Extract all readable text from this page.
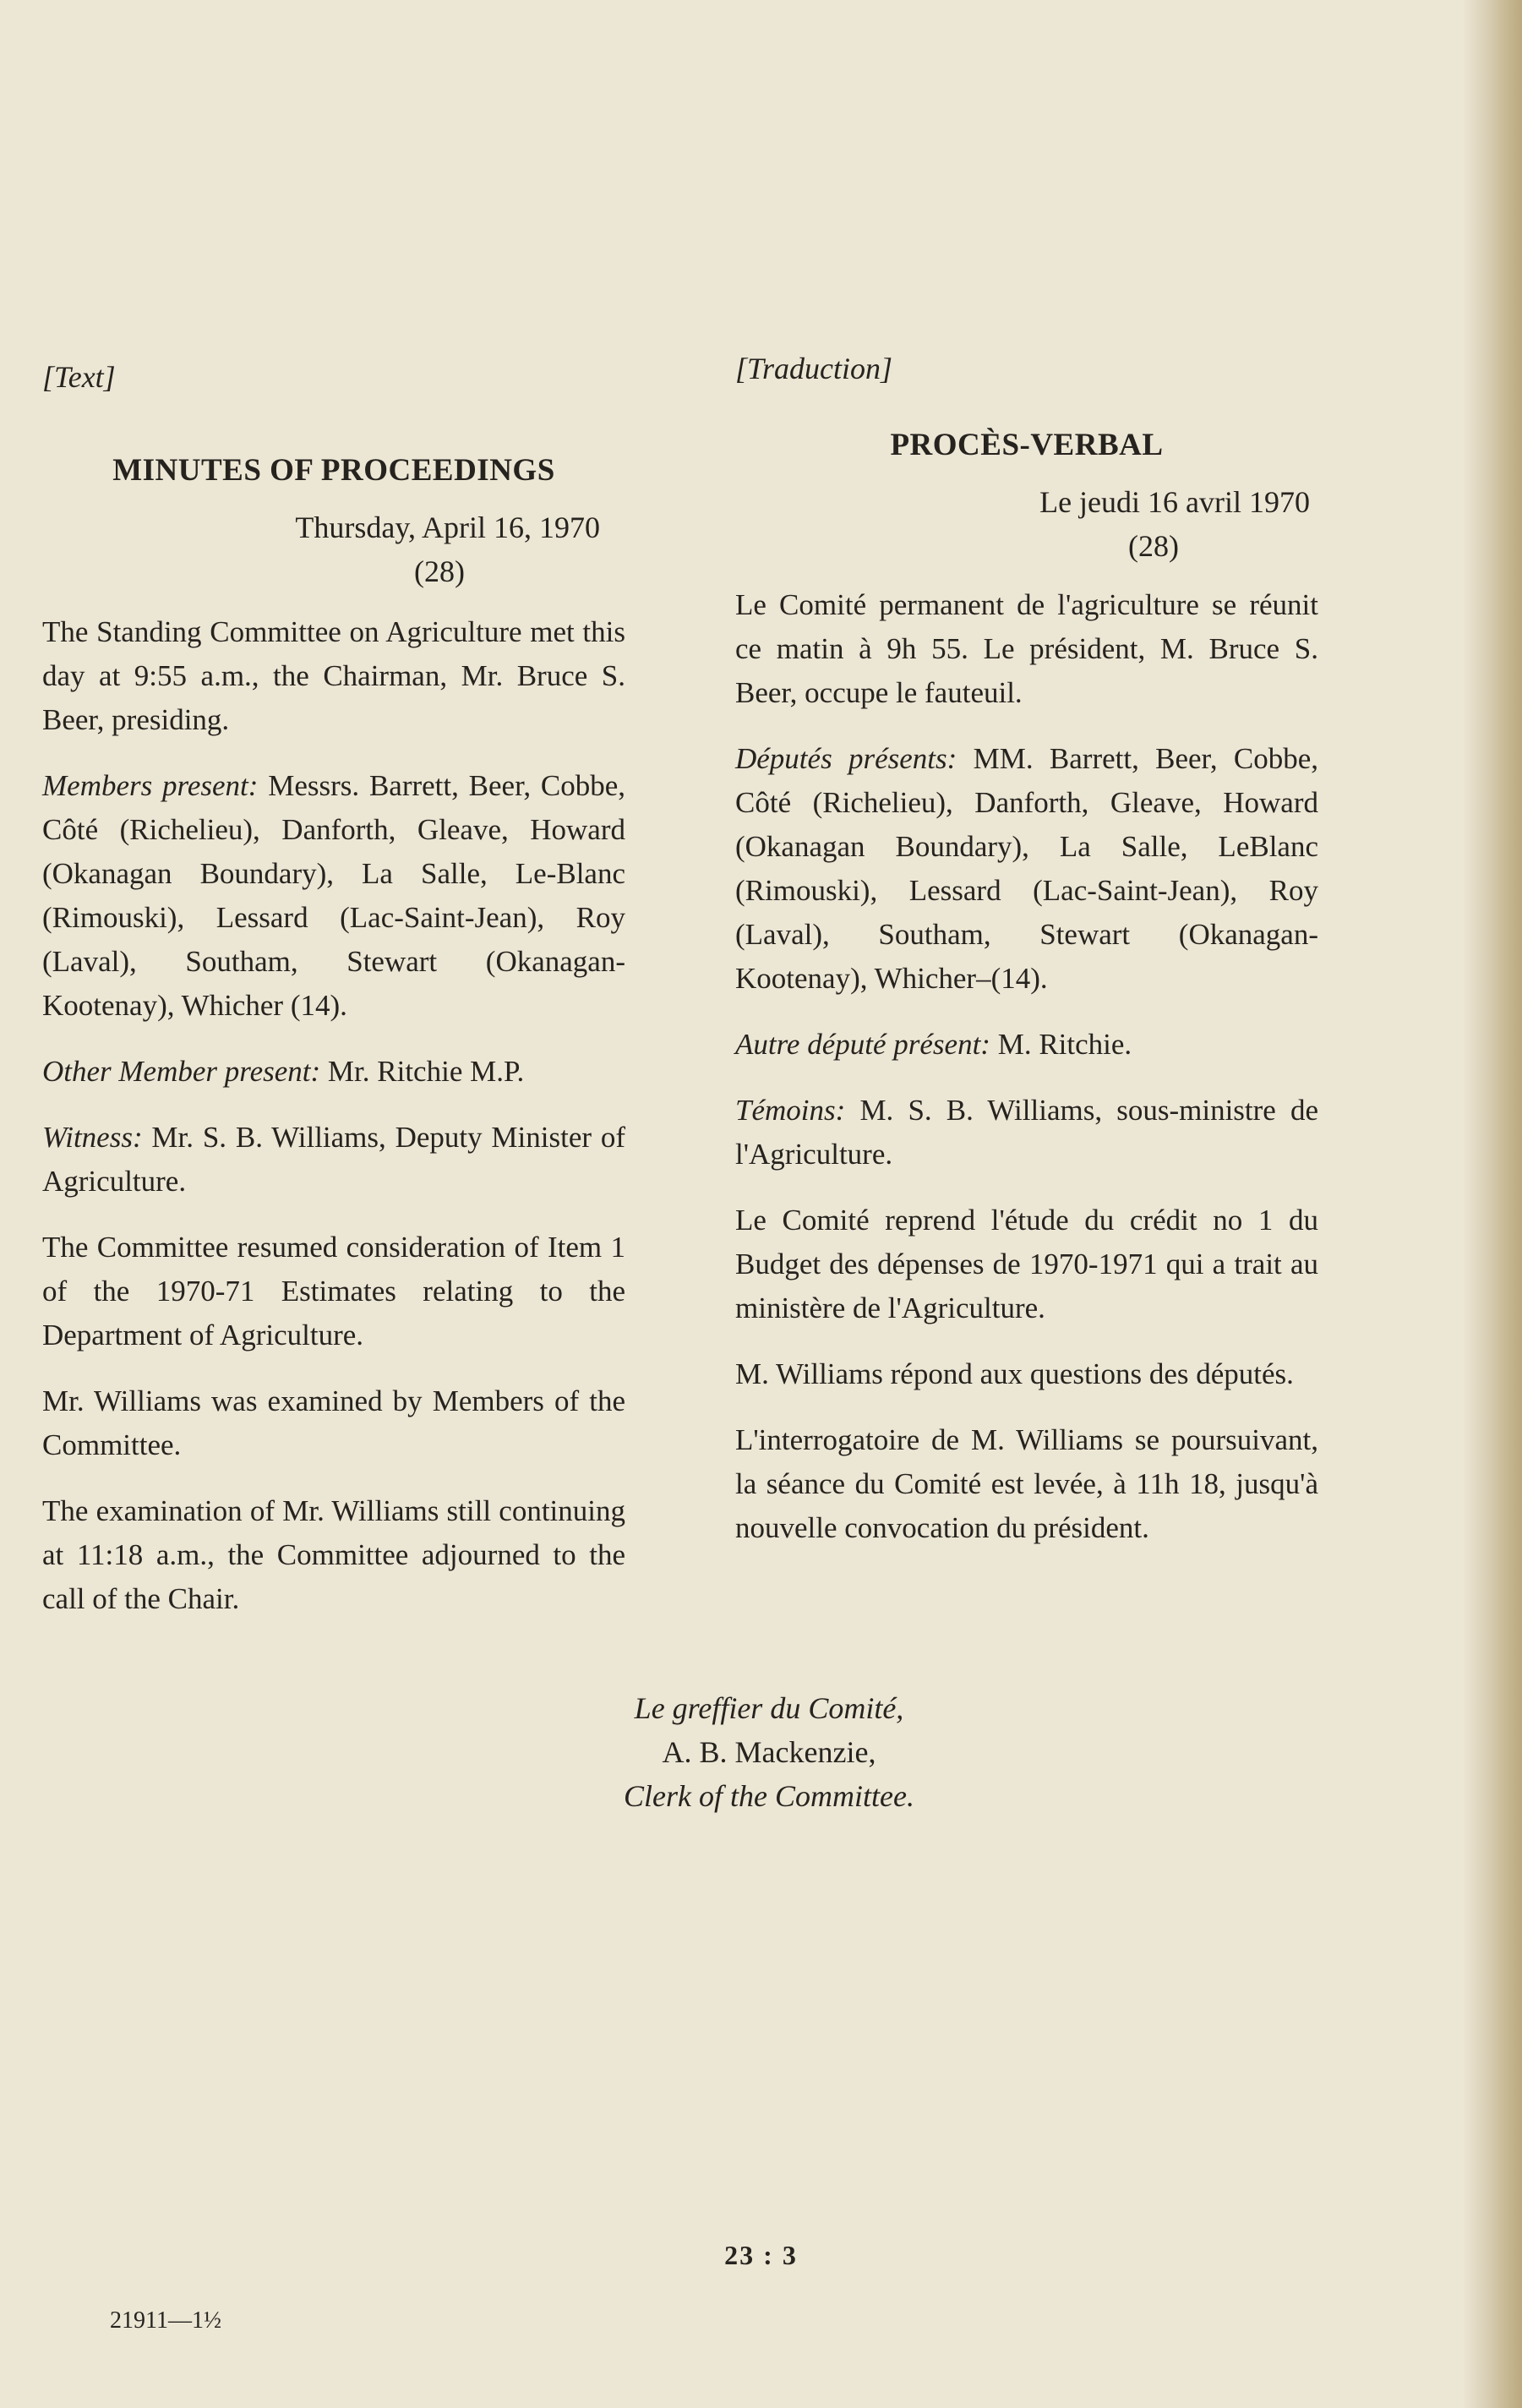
[Text]

MINUTES OF PROCEEDINGS

Thursday, April 16, 1970

(28)

The Standing Committee on Agriculture met this day at 9:55 a.m., the Chairman, Mr. Bruce S. Beer, presiding.

Members present: Messrs. Barrett, Beer, Cobbe, Côté (Richelieu), Danforth, Gleave, Howard (Okanagan Boundary), La Salle, Le-Blanc (Rimouski), Lessard (Lac-Saint-Jean), Roy (Laval), Southam, Stewart (Okanagan-Kootenay), Whicher (14).

Other Member present: Mr. Ritchie M.P.

Witness: Mr. S. B. Williams, Deputy Minister of Agriculture.

The Committee resumed consideration of Item 1 of the 1970-71 Estimates relating to the Department of Agriculture.

Mr. Williams was examined by Members of the Committee.

The examination of Mr. Williams still continuing at 11:18 a.m., the Committee adjourned to the call of the Chair.

[Traduction]

PROCÈS-VERBAL

Le jeudi 16 avril 1970

(28)

Le Comité permanent de l'agriculture se réunit ce matin à 9h 55. Le président, M. Bruce S. Beer, occupe le fauteuil.

Députés présents: MM. Barrett, Beer, Cobbe, Côté (Richelieu), Danforth, Gleave, Howard (Okanagan Boundary), La Salle, LeBlanc (Rimouski), Lessard (Lac-Saint-Jean), Roy (Laval), Southam, Stewart (Okanagan-Kootenay), Whicher–(14).

Autre député présent: M. Ritchie.

Témoins: M. S. B. Williams, sous-ministre de l'Agriculture.

Le Comité reprend l'étude du crédit no 1 du Budget des dépenses de 1970-1971 qui a trait au ministère de l'Agriculture.

M. Williams répond aux questions des députés.

L'interrogatoire de M. Williams se poursuivant, la séance du Comité est levée, à 11h 18, jusqu'à nouvelle convocation du président.

Le greffier du Comité,
A. B. Mackenzie,
Clerk of the Committee.
23 : 3
21911—1½
